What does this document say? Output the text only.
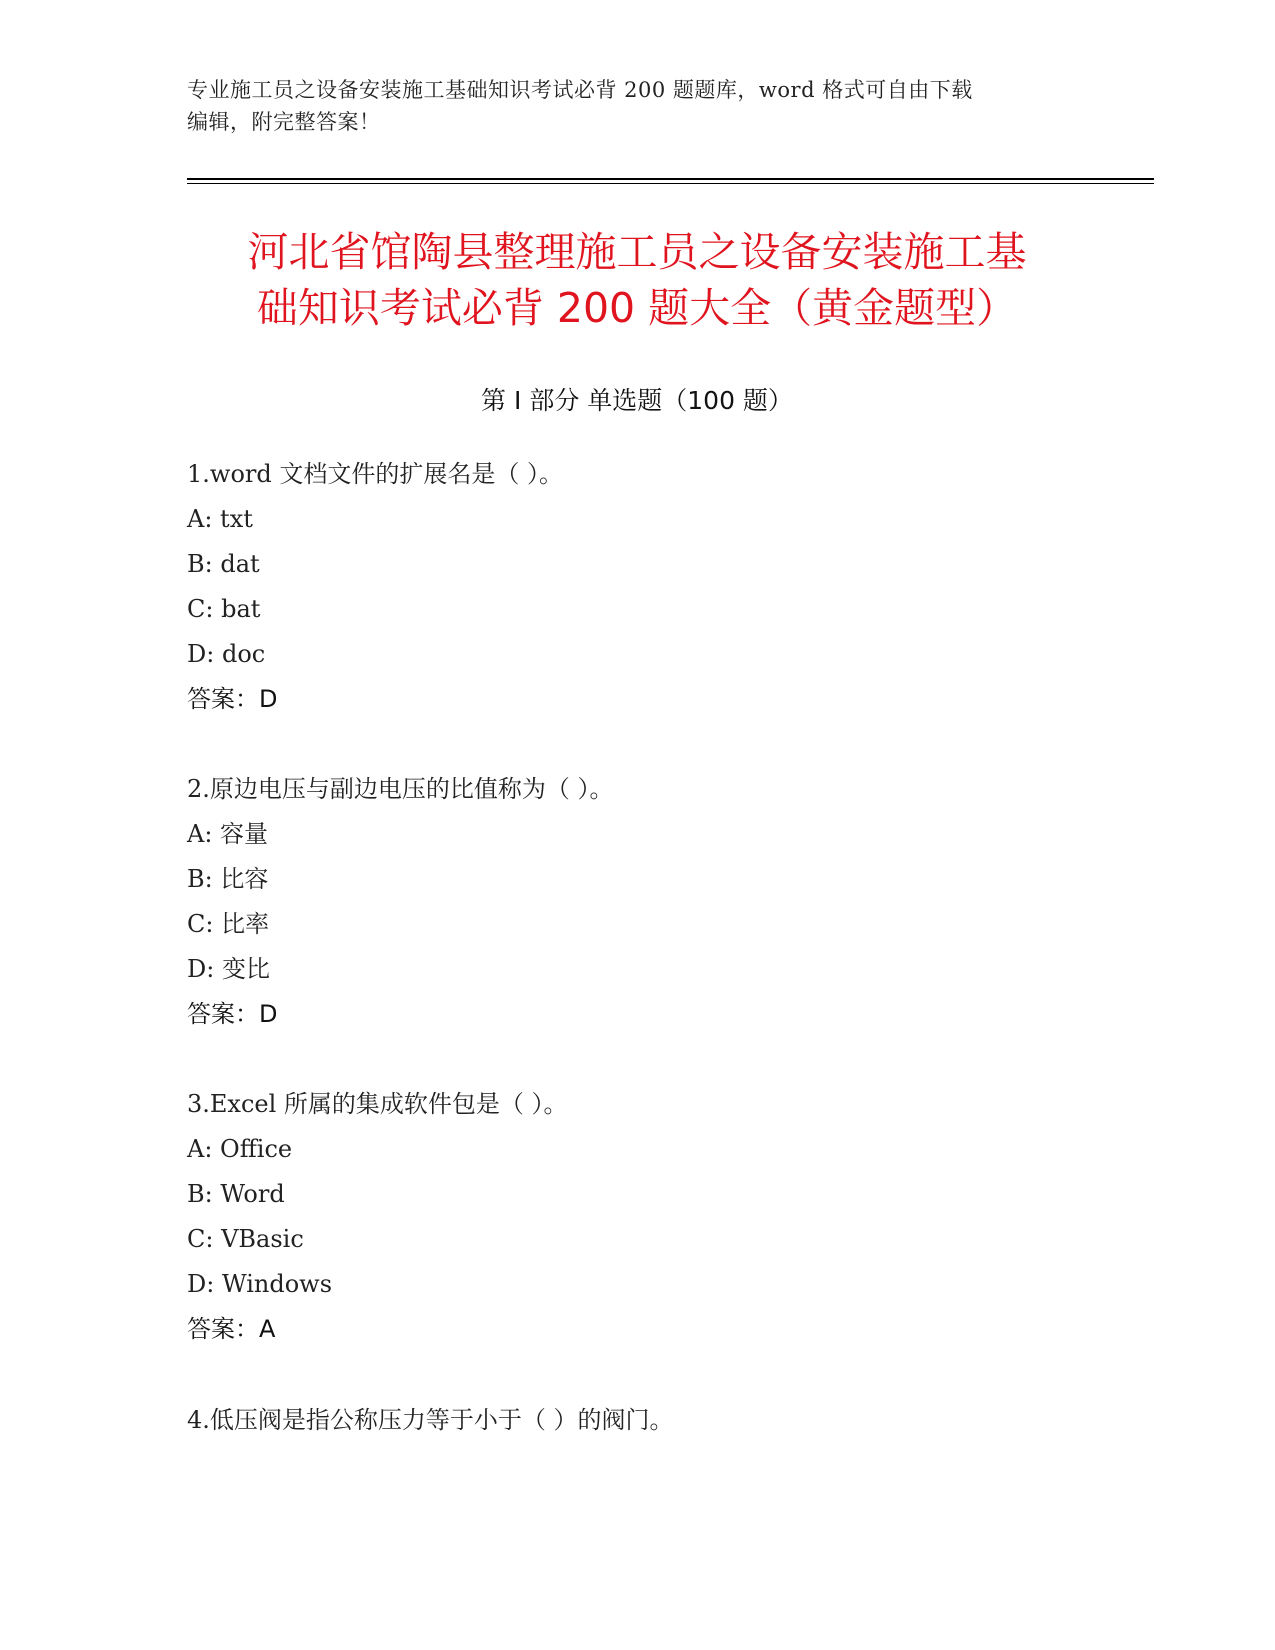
专业施工员之设备安装施工基础知识考试必背 200 题题库，word 格式可自由下载
编辑，附完整答案！
河北省馆陶县整理施工员之设备安装施工基
础知识考试必背 200 题大全（黄金题型）
第 I 部分 单选题（100 题）
1.word 文档文件的扩展名是（ ）。
A: txt
B: dat
C: bat
D: doc
答案：D
2.原边电压与副边电压的比值称为（ ）。
A: 容量
B: 比容
C: 比率
D: 变比
答案：D
3.Excel 所属的集成软件包是（ ）。
A: Office
B: Word
C: VBasic
D: Windows
答案：A
4.低压阀是指公称压力等于小于（ ）的阀门。
